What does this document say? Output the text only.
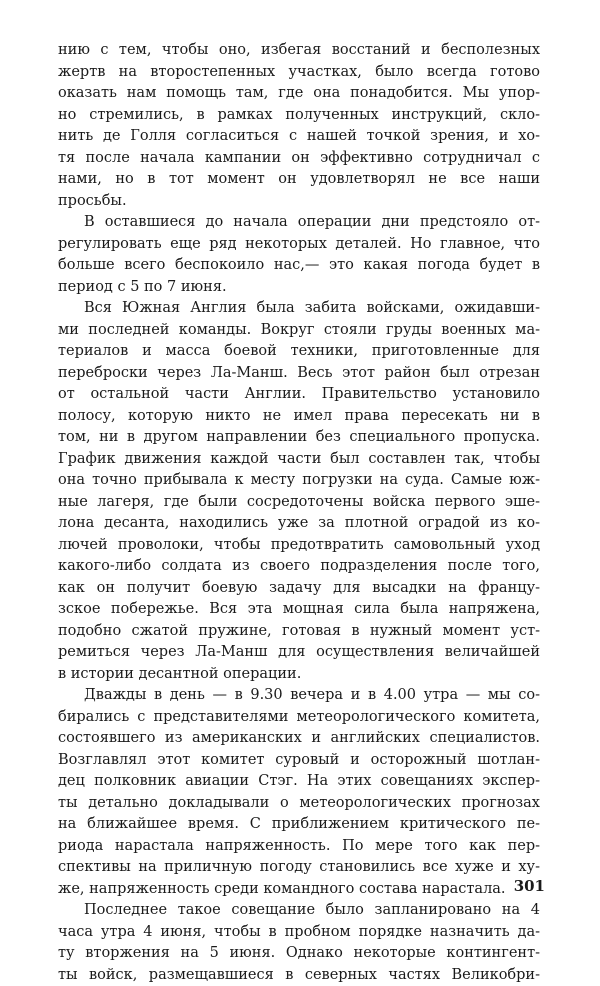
нию с тем, чтобы оно, избегая восстаний и бесполезных
жертв на второстепенных участках, было всегда готово
оказать нам помощь там, где она понадобится. Мы упор-
но стремились, в рамках полученных инструкций, скло-
нить де Голля согласиться с нашей точкой зрения, и хо-
тя после начала кампании он эффективно сотрудничал с
нами, но в тот момент он удовлетворял не все наши
просьбы.
В оставшиеся до начала операции дни предстояло от-
регулировать еще ряд некоторых деталей. Но главное, что
больше всего беспокоило нас,— это какая погода будет в
период с 5 по 7 июня.
Вся Южная Англия была забита войсками, ожидавши-
ми последней команды. Вокруг стояли груды военных ма-
териалов и масса боевой техники, приготовленные для
переброски через Ла-Манш. Весь этот район был отрезан
от остальной части Англии. Правительство установило
полосу, которую никто не имел права пересекать ни в
том, ни в другом направлении без специального пропуска.
График движения каждой части был составлен так, чтобы
она точно прибывала к месту погрузки на суда. Самые юж-
ные лагеря, где были сосредоточены войска первого эше-
лона десанта, находились уже за плотной оградой из ко-
лючей проволоки, чтобы предотвратить самовольный уход
какого-либо солдата из своего подразделения после того,
как он получит боевую задачу для высадки на францу-
зское побережье. Вся эта мощная сила была напряжена,
подобно сжатой пружине, готовая в нужный момент уст-
ремиться через Ла-Манш для осуществления величайшей
в истории десантной операции.
Дважды в день — в 9.30 вечера и в 4.00 утра — мы со-
бирались с представителями метеорологического комитета,
состоявшего из американских и английских специалистов.
Возглавлял этот комитет суровый и осторожный шотлан-
дец полковник авиации Стэг. На этих совещаниях экспер-
ты детально докладывали о метеорологических прогнозах
на ближайшее время. С приближением критического пе-
риода нарастала напряженность. По мере того как пер-
спективы на приличную погоду становились все хуже и ху-
же, напряженность среди командного состава нарастала.
Последнее такое совещание было запланировано на 4
часа утра 4 июня, чтобы в пробном порядке назначить да-
ту вторжения на 5 июня. Однако некоторые контингент-
ты войск, размещавшиеся в северных частях Великобри-
301
